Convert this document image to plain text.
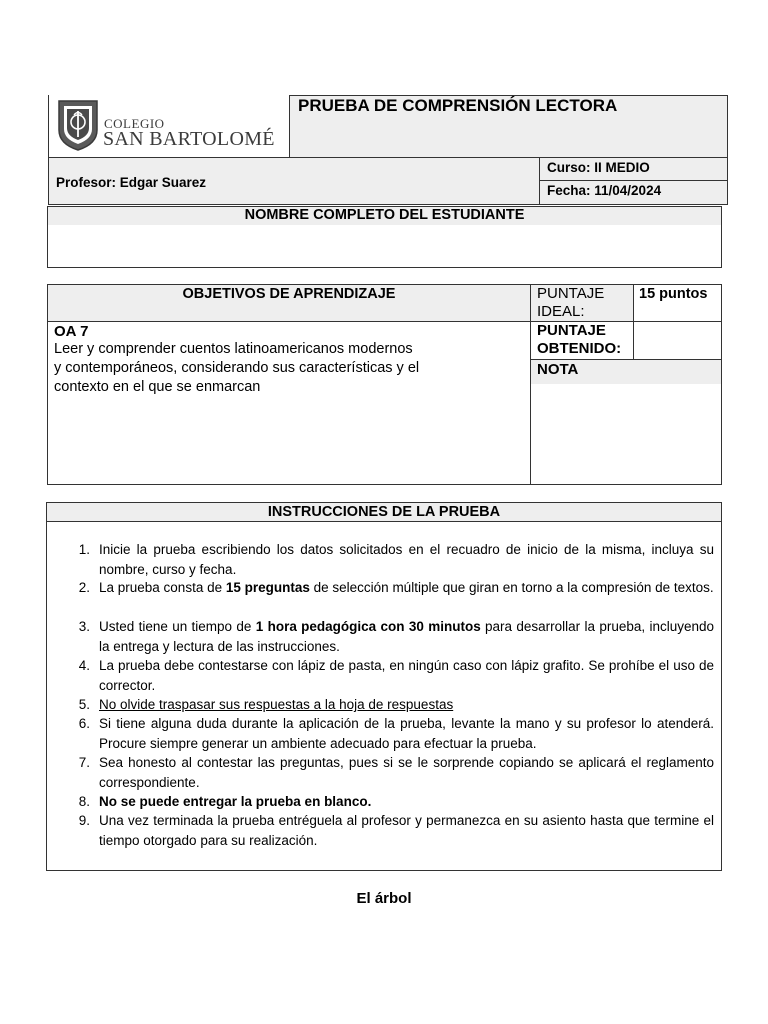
COLEGIO
SAN BARTOLOMÉ
PRUEBA DE COMPRENSIÓN LECTORA
Profesor: Edgar Suarez
Curso: II MEDIO
Fecha: 11/04/2024
NOMBRE COMPLETO DEL ESTUDIANTE
OBJETIVOS DE APRENDIZAJE
OA 7
Leer y comprender cuentos latinoamericanos modernos
y contemporáneos, considerando sus características y el
contexto en el que se enmarcan
PUNTAJE
IDEAL:
15 puntos
PUNTAJE
OBTENIDO:
NOTA
INSTRUCCIONES DE LA PRUEBA
1. Inicie la prueba escribiendo los datos solicitados en el recuadro de inicio de la misma, incluya su nombre, curso y fecha.
2. La prueba consta de 15 preguntas de selección múltiple que giran en torno a la compresión de textos.
3. Usted tiene un tiempo de 1 hora pedagógica con 30 minutos para desarrollar la prueba, incluyendo la entrega y lectura de las instrucciones.
4. La prueba debe contestarse con lápiz de pasta, en ningún caso con lápiz grafito. Se prohíbe el uso de corrector.
5. No olvide traspasar sus respuestas a la hoja de respuestas
6. Si tiene alguna duda durante la aplicación de la prueba, levante la mano y su profesor lo atenderá. Procure siempre generar un ambiente adecuado para efectuar la prueba.
7. Sea honesto al contestar las preguntas, pues si se le sorprende copiando se aplicará el reglamento correspondiente.
8. No se puede entregar la prueba en blanco.
9. Una vez terminada la prueba entréguela al profesor y permanezca en su asiento hasta que termine el tiempo otorgado para su realización.
El árbol
